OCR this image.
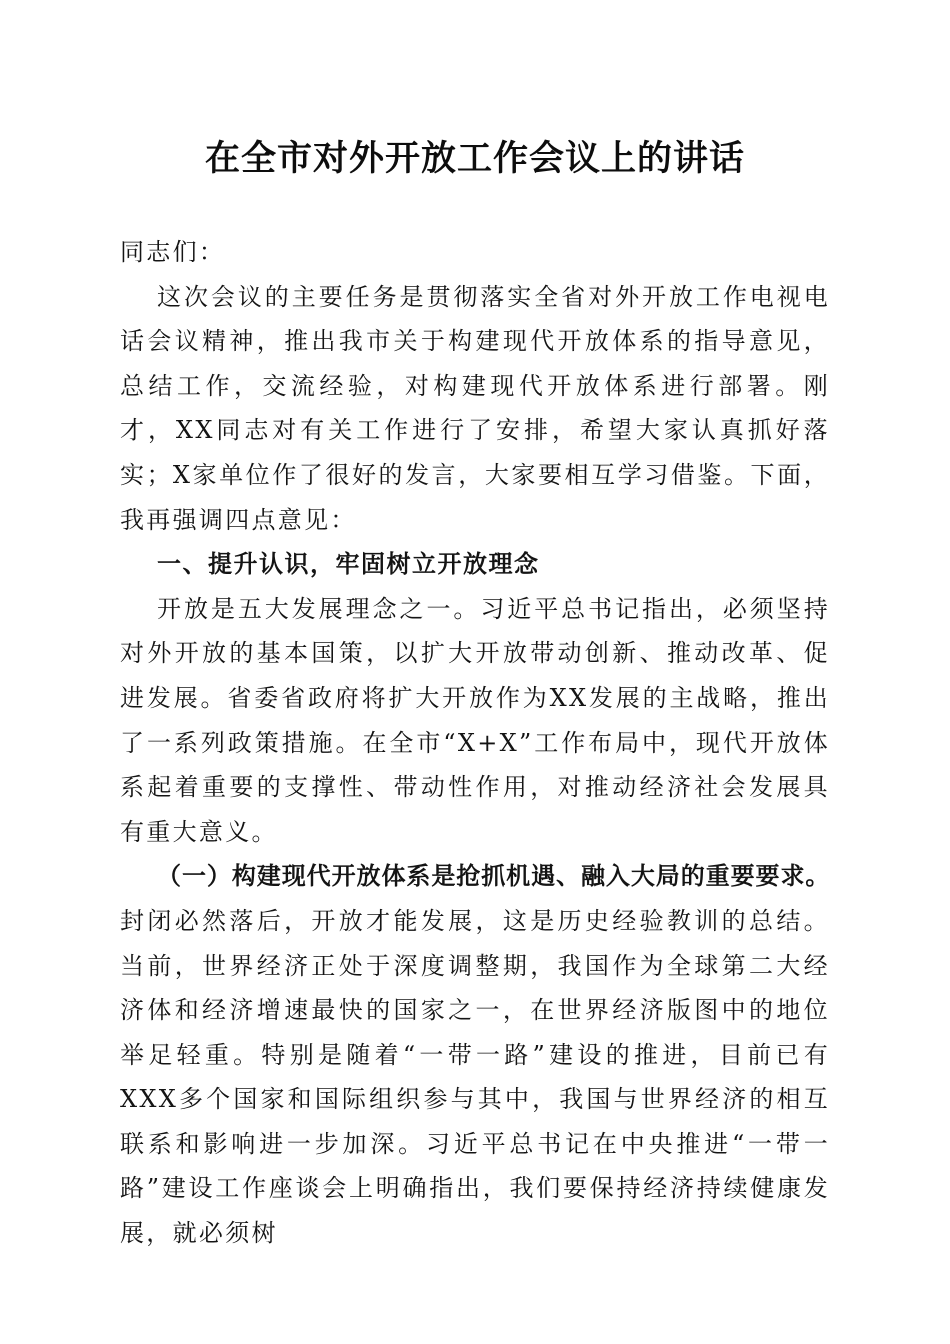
在全市对外开放工作会议上的讲话

同志们：

这次会议的主要任务是贯彻落实全省对外开放工作电视电话会议精神，推出我市关于构建现代开放体系的指导意见，总结工作，交流经验，对构建现代开放体系进行部署。刚才，XX同志对有关工作进行了安排，希望大家认真抓好落实；X家单位作了很好的发言，大家要相互学习借鉴。下面，我再强调四点意见：

一、提升认识，牢固树立开放理念

开放是五大发展理念之一。习近平总书记指出，必须坚持对外开放的基本国策，以扩大开放带动创新、推动改革、促进发展。省委省政府将扩大开放作为XX发展的主战略，推出了一系列政策措施。在全市“X+X”工作布局中，现代开放体系起着重要的支撑性、带动性作用，对推动经济社会发展具有重大意义。

（一）构建现代开放体系是抢抓机遇、融入大局的重要要求。封闭必然落后，开放才能发展，这是历史经验教训的总结。当前，世界经济正处于深度调整期，我国作为全球第二大经济体和经济增速最快的国家之一，在世界经济版图中的地位举足轻重。特别是随着“一带一路”建设的推进，目前已有XXX多个国家和国际组织参与其中，我国与世界经济的相互联系和影响进一步加深。习近平总书记在中央推进“一带一路”建设工作座谈会上明确指出，我们要保持经济持续健康发展，就必须树
